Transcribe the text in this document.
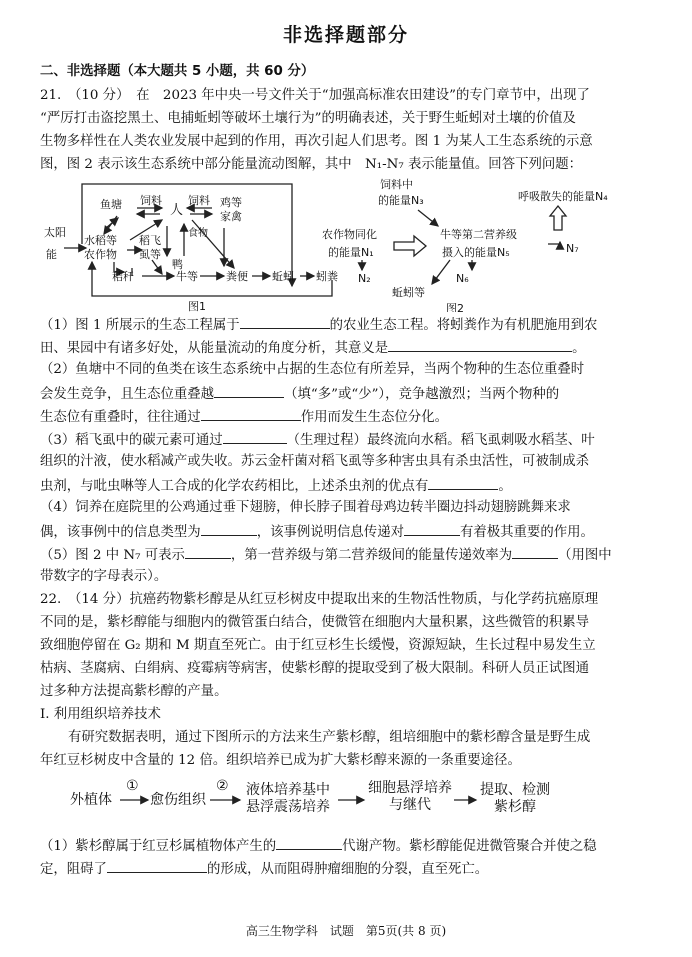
非选择题部分
二、非选择题（本大题共 5 小题，共 60 分）
21.　（10 分）　在　2023 年中央一号文件关于“加强高标准农田建设”的专门章节中，出现了
“严厉打击盗挖黑土、电捕蚯蚓等破坏土壤行为”的明确表述，关于野生蚯蚓对土壤的价值及
生物多样性在人类农业发展中起到的作用，再次引起人们思考。图 1 为某人工生态系统的示意
图，图 2 表示该生态系统中部分能量流动图解，其中　N₁-N₇ 表示能量值。回答下列问题：
太阳
能
鱼塘 饲料
人
饲料 鸡等
家禽
水稻等
农作物
稻飞
虱等
鸭
食物
秸秆	牛等	粪便 蚯蚓 蚓粪
图1
饲料中
的能量N₃
农作物同化
的能量N₁
牛等第二营养级
摄入的能量N₅
呼吸散失的能量N₄
N₇
N₂	N₆
蚯蚓等
图2
（1）图 1 所展示的生态工程属于	的农业生态工程。将蚓粪作为有机肥施用到农
田、果园中有诸多好处，从能量流动的角度分析，其意义是	。
（2）鱼塘中不同的鱼类在该生态系统中占据的生态位有所差异，当两个物种的生态位重叠时
会发生竞争，且生态位重叠越	（填“多”或“少”），竞争越激烈；当两个物种的
生态位有重叠时，往往通过	作用而发生生态位分化。
（3）稻飞虱中的碳元素可通过	（生理过程）最终流向水稻。稻飞虱刺吸水稻茎、叶
组织的汁液，使水稻减产或失收。苏云金杆菌对稻飞虱等多种害虫具有杀虫活性，可被制成杀
虫剂，与吡虫啉等人工合成的化学农药相比，上述杀虫剂的优点有	。
（4）饲养在庭院里的公鸡通过垂下翅膀，伸长脖子围着母鸡边转半圈边抖动翅膀跳舞来求
偶，该事例中的信息类型为	，该事例说明信息传递对	有着极其重要的作用。
（5）图 2 中 N₇ 可表示	，第一营养级与第二营养级间的能量传递效率为	（用图中
带数字的字母表示）。
22.　（14 分）抗癌药物紫杉醇是从红豆杉树皮中提取出来的生物活性物质，与化学药抗癌原理
不同的是，紫杉醇能与细胞内的微管蛋白结合，使微管在细胞内大量积累，这些微管的积累导
致细胞停留在 G₂ 期和 M 期直至死亡。由于红豆杉生长缓慢，资源短缺，生长过程中易发生立
枯病、茎腐病、白绢病、疫霉病等病害，使紫杉醇的提取受到了极大限制。科研人员正试图通
过多种方法提高紫杉醇的产量。
I. 利用组织培养技术
有研究数据表明，通过下图所示的方法来生产紫杉醇，组培细胞中的紫杉醇含量是野生成
年红豆杉树皮中含量的 12 倍。组织培养已成为扩大紫杉醇来源的一条重要途径。
外植体
①
愈伤组织
② 液体培养基中
悬浮震荡培养
细胞悬浮培养
与继代
提取、检测
紫杉醇
（1）紫杉醇属于红豆杉属植物体产生的	代谢产物。紫杉醇能促进微管聚合并使之稳
定，阻碍了	的形成，从而阻碍肿瘤细胞的分裂，直至死亡。
高三生物学科　试题　第5页(共 8 页)
